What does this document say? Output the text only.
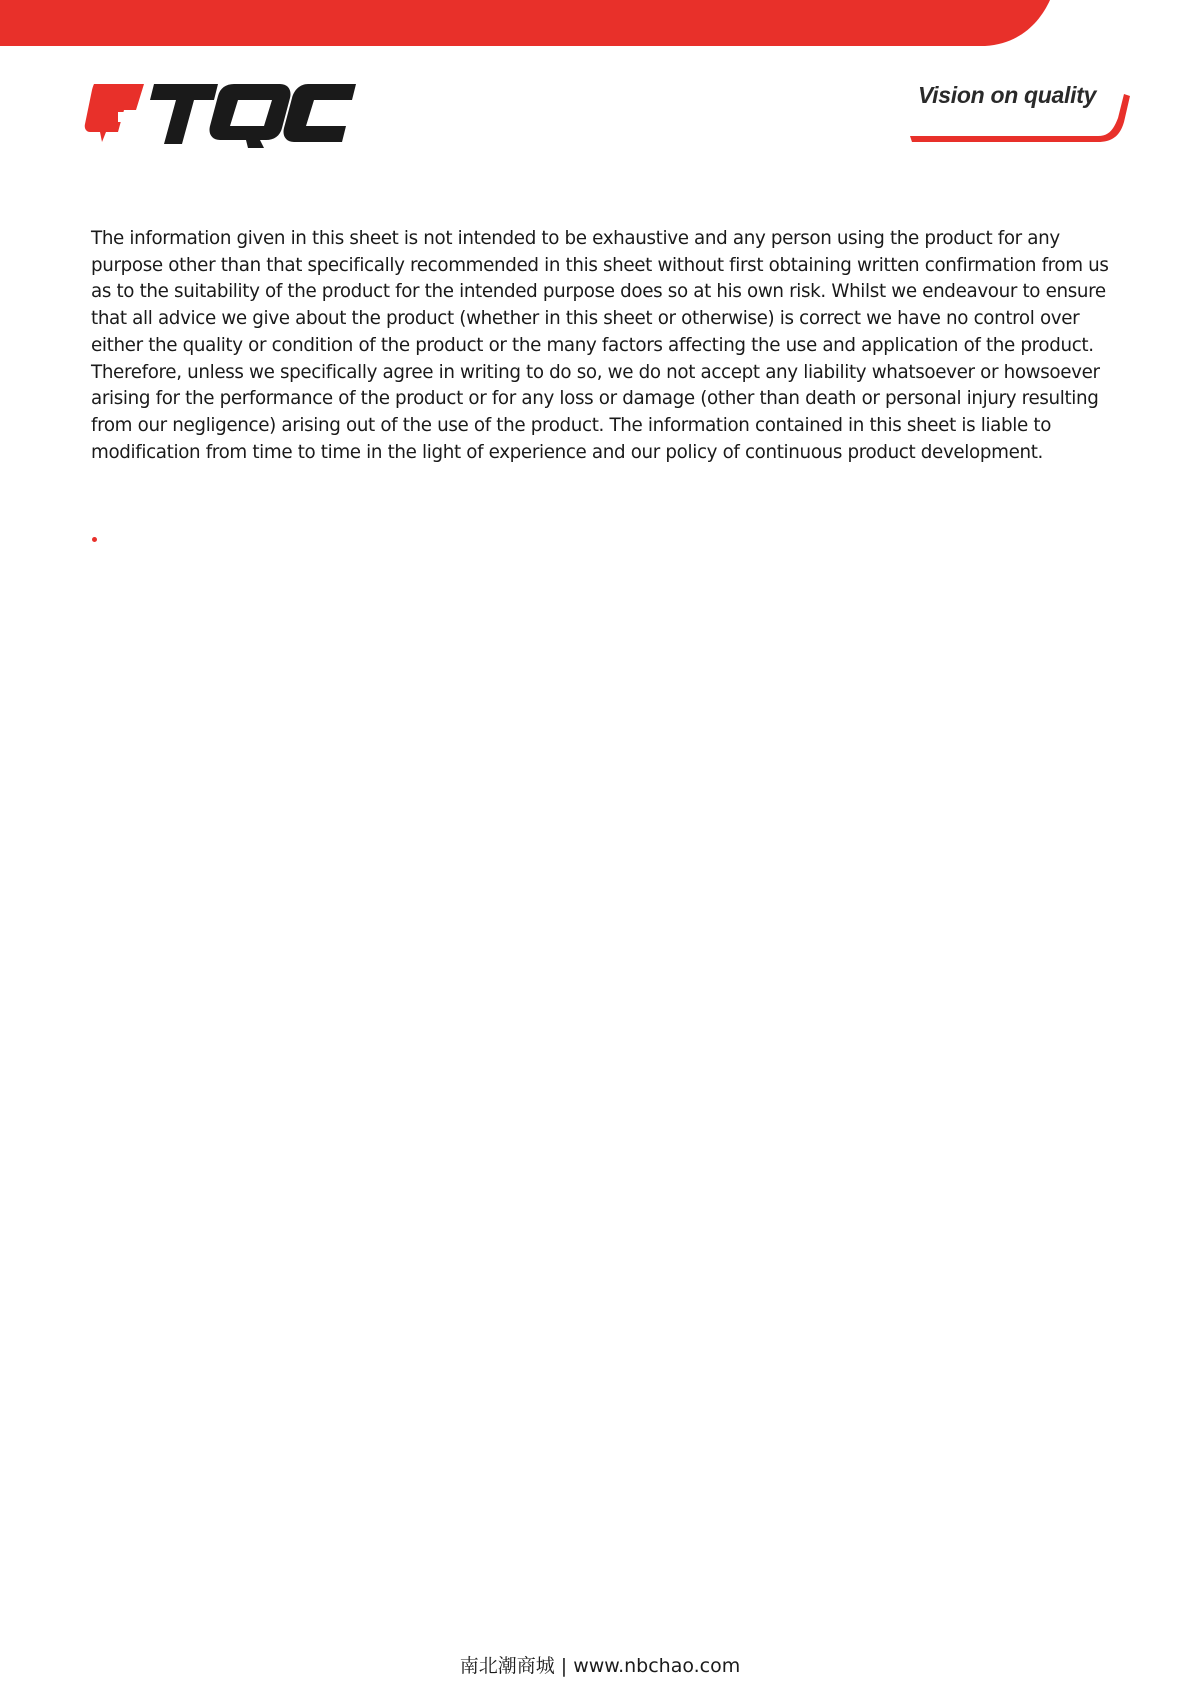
Vision on quality

The information given in this sheet is not intended to be exhaustive and any person using the product for any purpose other than that specifically recommended in this sheet without first obtaining written confirmation from us as to the suitability of the product for the intended purpose does so at his own risk. Whilst we endeavour to ensure that all advice we give about the product (whether in this sheet or otherwise) is correct we have no control over either the quality or condition of the product or the many factors affecting the use and application of the product. Therefore, unless we specifically agree in writing to do so, we do not accept any liability whatsoever or howsoever arising for the performance of the product or for any loss or damage (other than death or personal injury resulting from our negligence) arising out of the use of the product. The information contained in this sheet is liable to modification from time to time in the light of experience and our policy of continuous product development.

南北潮商城 | www.nbchao.com
